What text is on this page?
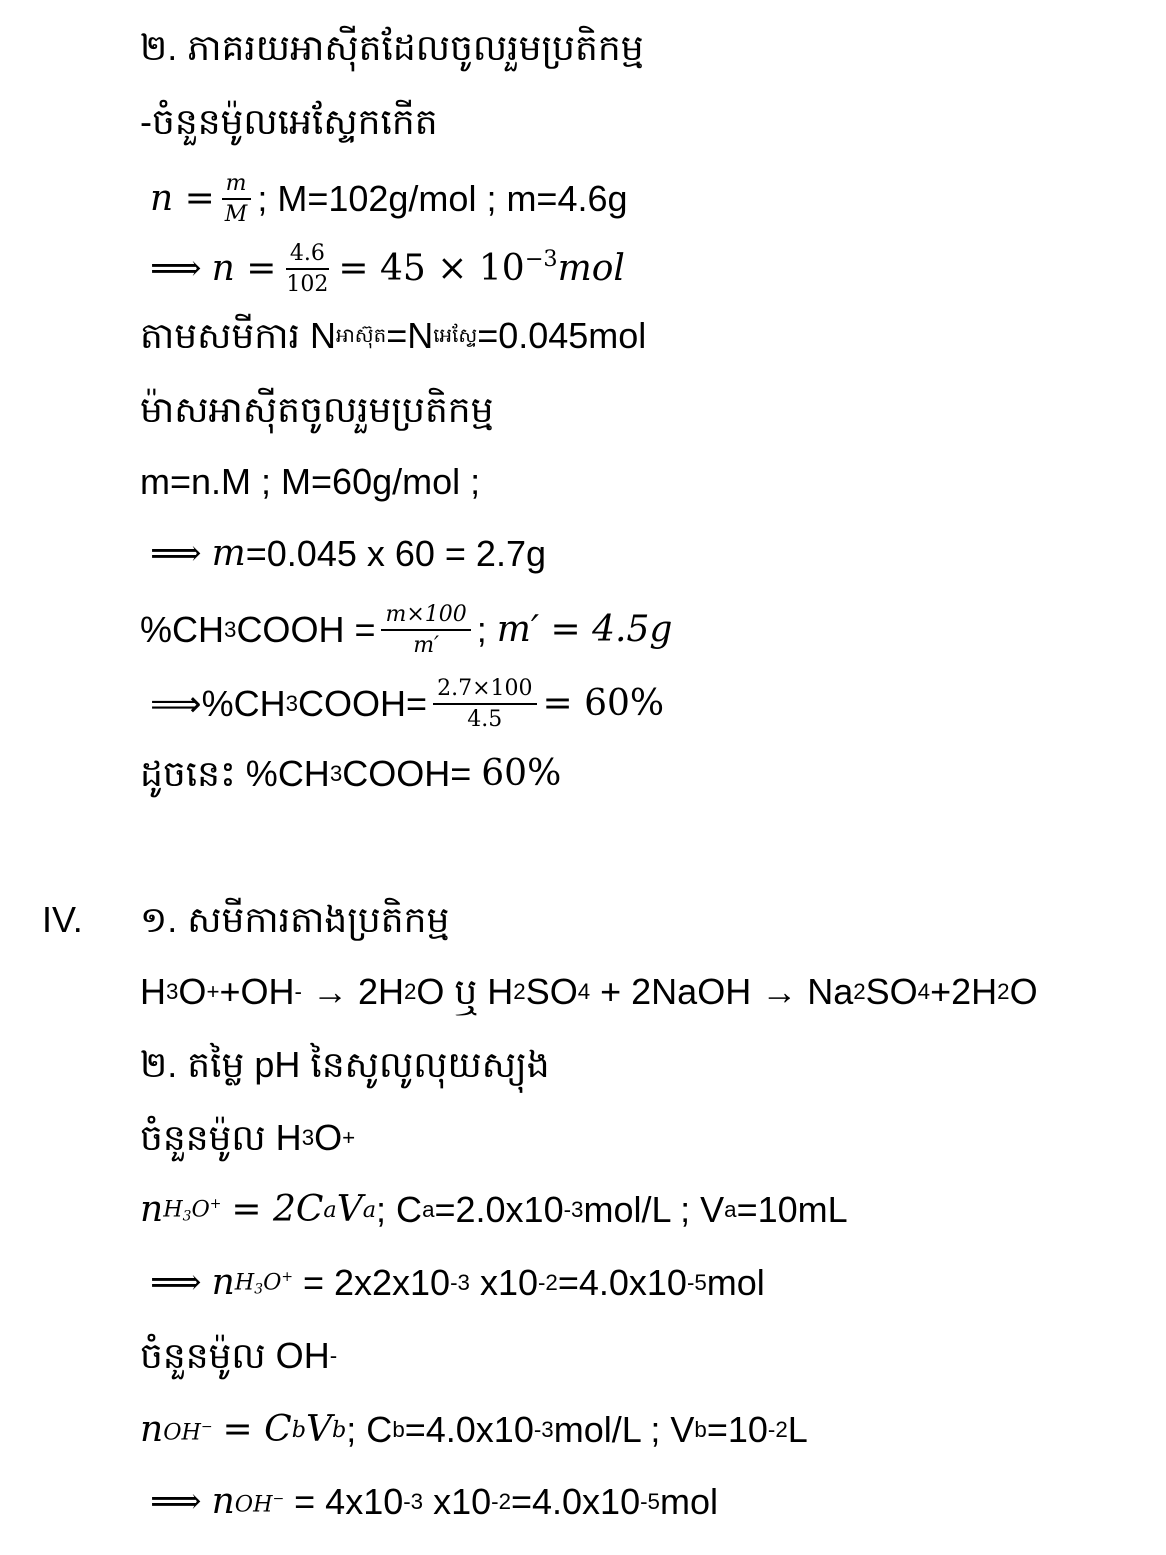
២. ភាគរយអាស៊ីតដែលចូលរួមប្រតិកម្ម
-ចំនួនម៉ូលអេស្ទែកកើត
$n = \frac{m}{M}$ ; M=102g/mol ; m=4.6g
⟹ $n = \frac{4.6}{102} = 45 \times 10^{-3}$ mol
តាមសមីការ N អាស៊ុត =N អេស្ទែ =0.045mol
ម៉ាសអាស៊ីតចូលរួមប្រតិកម្ម
m=n.M ; M=60g/mol ;
⟹ m =0.045 x 60 = 2.7g
%CH 3 COOH = $\frac{m\times 100}{m'}$ ; m′ = 4.5g
⟹%CH 3 COOH= $\frac{2.7\times 100}{4.5} = 60\%$
ដូចនេះ %CH 3 COOH= 60%
IV. ១. សមីការតាងប្រតិកម្ម
H 3 O + +OH - → 2H 2 O ឬ H 2 SO 4 + 2NaOH → Na 2 SO 4 +2H 2 O
២. តម្លៃ pH នៃសូលូលុយស្យុង
ចំនួនម៉ូល H 3 O +
n $H_3O^+ = 2C$ a V a ; C a =2.0x10 -3 mol/L ; V a =10mL
⟹ n $H_3O^+ = 2x2x10$ -3 x10 -2 =4.0x10 -5 mol
ចំនួនម៉ូល OH -
n OH− = C b V b ; C b =4.0x10 -3 mol/L ; V b =10 -2 L
⟹ n OH− = 4x10 -3 x10 -2 =4.0x10 -5 mol
